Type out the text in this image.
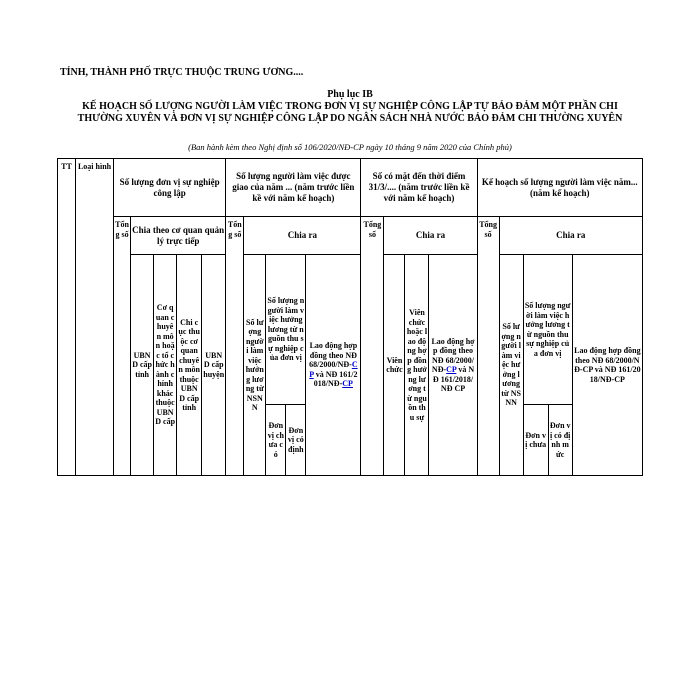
TỈNH, THÀNH PHỐ TRỰC THUỘC TRUNG ƯƠNG....
Phụ lục IB
KẾ HOẠCH SỐ LƯỢNG NGƯỜI LÀM VIỆC TRONG ĐƠN VỊ SỰ NGHIỆP CÔNG LẬP TỰ BẢO ĐẢM MỘT PHẦN CHI THƯỜNG XUYÊN VÀ ĐƠN VỊ SỰ NGHIỆP CÔNG LẬP DO NGÂN SÁCH NHÀ NƯỚC BẢO ĐẢM CHI THƯỜNG XUYÊN
(Ban hành kèm theo Nghị định số 106/2020/NĐ-CP ngày 10 tháng 9 năm 2020 của Chính phủ)
TT	Loại hình	Số lượng đơn vị sự nghiệp công lập					Số lượng người làm việc được giao của năm ... (năm trước liền kề với năm kế hoạch)					Số có mặt đến thời điểm 31/3/.... (năm trước liền kề với năm kế hoạch)				Kế hoạch số lượng người làm việc năm... (năm kế hoạch)				
		Tổng số	Chia theo cơ quan quản lý trực tiếp				Tổng số	Chia ra				Tổng số	Chia ra			Tổng số	Chia ra			
			UBND cấp tỉnh	Cơ quan chuyên môn hoặc tổ chức hành chính khác thuộc UBND cấp	Chi cục thuộc cơ quan chuyên môn thuộc UBND cấp tỉnh	UBND cấp huyện		Số lượng người làm việc hưởng lương từ NSNN	Số lượng người làm việc hưởng lương từ nguồn thu sự nghiệp của đơn vị		Lao động hợp đồng theo NĐ 68/2000/NĐ-CP và NĐ 161/2018/NĐ-CP		Viên chức	Viên chức hoặc lao động hợp đồng hưởng lương từ nguồn thu sự	Lao động hợp đồng theo NĐ 68/2000/NĐ-CP và NĐ 161/2018/NĐ CP		Số lượng người làm việc hưởng lương từ NSNN	Số lượng người làm việc hưởng lương từ nguồn thu sự nghiệp của đơn vị		Lao động hợp đồng theo NĐ 68/2000/NĐ-CP và NĐ 161/2018/NĐ-CP
									Đơn vị chưa có	Đơn vị có định								Đơn vị chưa	Đơn vị có định mức	
